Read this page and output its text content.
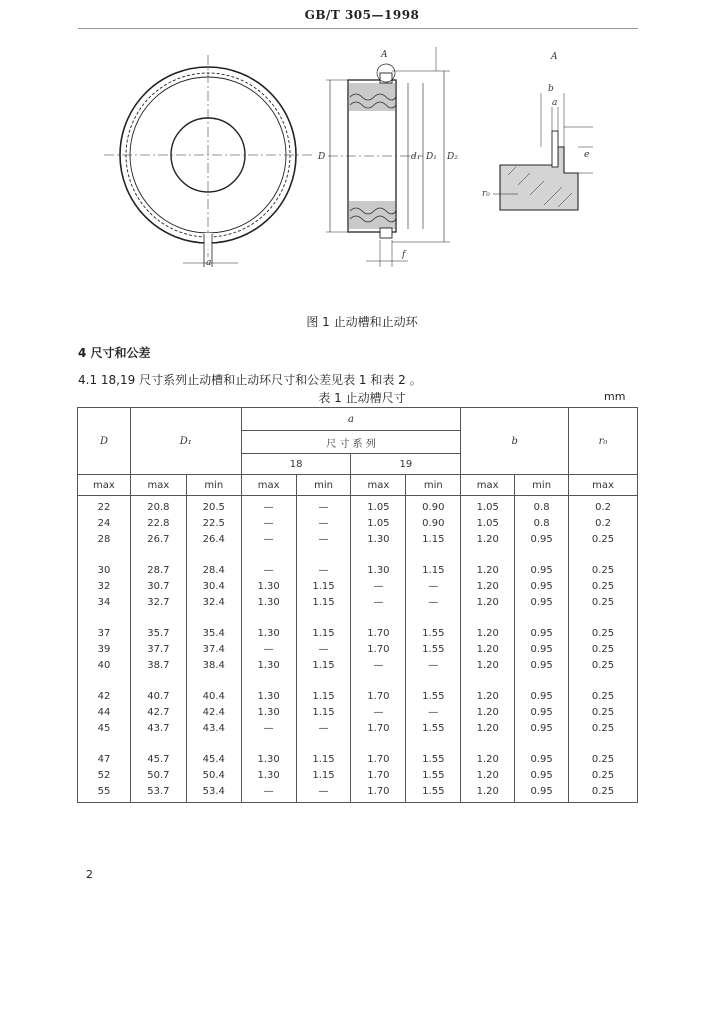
GB/T 305—1998
A
D	d₁ D₁ D₂
a
f
A
b
a
e
r₀
图 1 止动槽和止动环
4 尺寸和公差
4.1 18,19 尺寸系列止动槽和止动环尺寸和公差见表 1 和表 2 。
表 1 止动槽尺寸	mm
D	D₁		a				b		r₀
			尺 寸 系 列						
			18		19				
max	max	min	max	min	max	min	max	min	max
22	20.8	20.5	—	—	1.05	0.90	1.05	0.8	0.2
24	22.8	22.5	—	—	1.05	0.90	1.05	0.8	0.2
28	26.7	26.4	—	—	1.30	1.15	1.20	0.95	0.25

30	28.7	28.4	—	—	1.30	1.15	1.20	0.95	0.25
32	30.7	30.4	1.30	1.15	—	—	1.20	0.95	0.25
34	32.7	32.4	1.30	1.15	—	—	1.20	0.95	0.25

37	35.7	35.4	1.30	1.15	1.70	1.55	1.20	0.95	0.25
39	37.7	37.4	—	—	1.70	1.55	1.20	0.95	0.25
40	38.7	38.4	1.30	1.15	—	—	1.20	0.95	0.25

42	40.7	40.4	1.30	1.15	1.70	1.55	1.20	0.95	0.25
44	42.7	42.4	1.30	1.15	—	—	1.20	0.95	0.25
45	43.7	43.4	—	—	1.70	1.55	1.20	0.95	0.25

47	45.7	45.4	1.30	1.15	1.70	1.55	1.20	0.95	0.25
52	50.7	50.4	1.30	1.15	1.70	1.55	1.20	0.95	0.25
55	53.7	53.4	—	—	1.70	1.55	1.20	0.95	0.25
2
